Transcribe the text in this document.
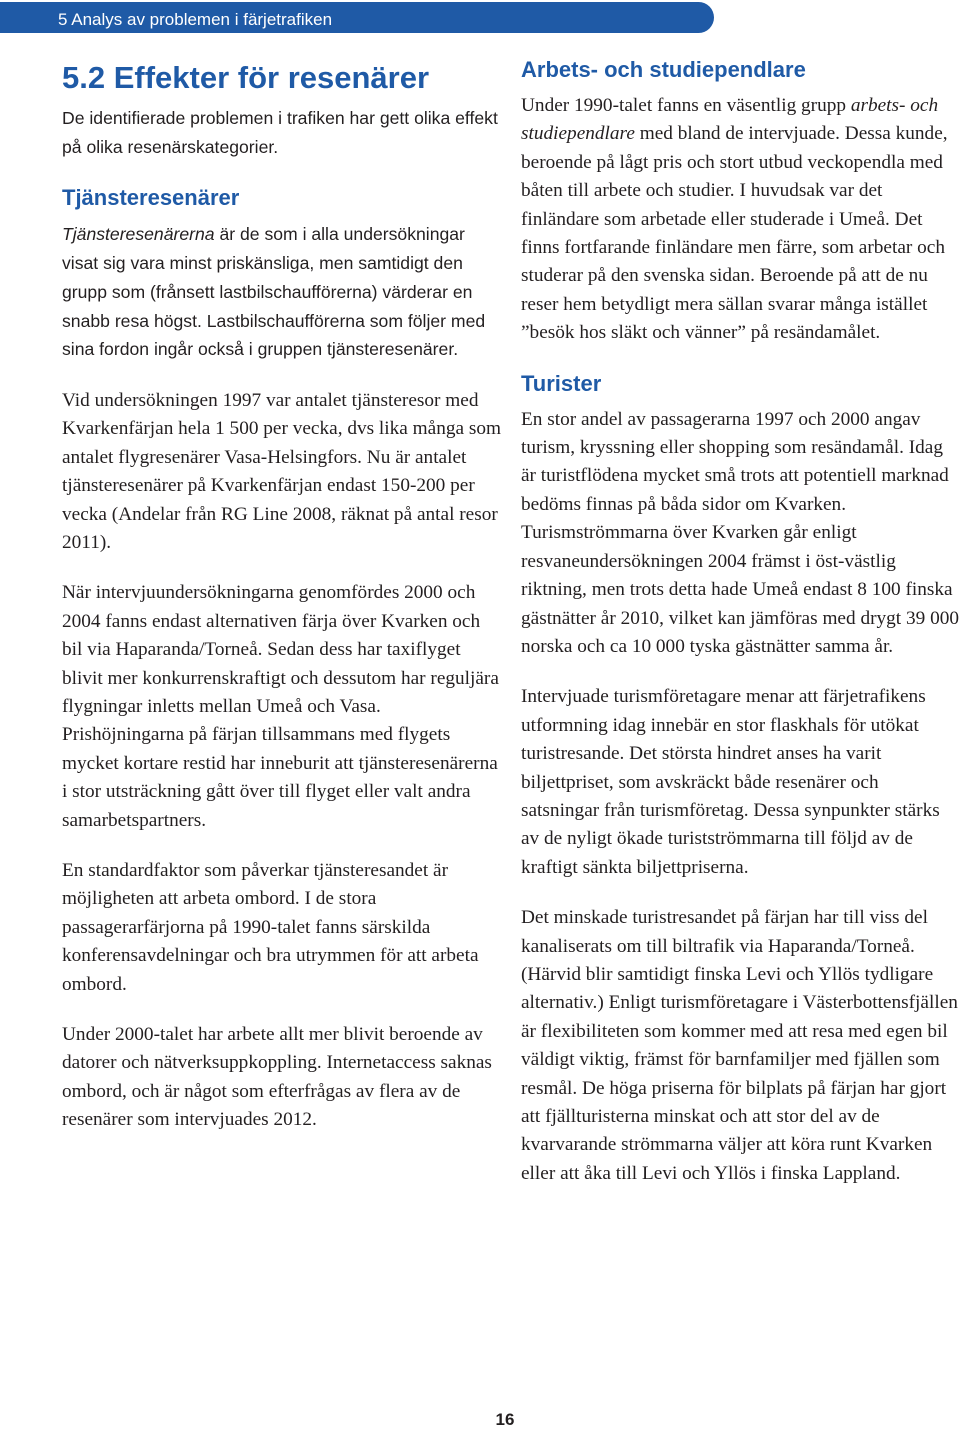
5 Analys av problemen i färjetrafiken
5.2 Effekter för resenärer

De identifierade problemen i trafiken har gett olika effekt på olika resenärskategorier.

Tjänsteresenärer

Tjänsteresenärerna är de som i alla undersökningar visat sig vara minst priskänsliga, men samtidigt den grupp som (frånsett lastbilschaufförerna) värderar en snabb resa högst. Lastbilschaufförerna som följer med sina fordon ingår också i gruppen tjänsteresenärer.

Vid undersökningen 1997 var antalet tjänsteresor med Kvarkenfärjan hela 1 500 per vecka, dvs lika många som antalet flygresenärer Vasa-Helsingfors. Nu är antalet tjänsteresenärer på Kvarkenfärjan endast 150-200 per vecka (Andelar från RG Line 2008, räknat på antal resor 2011).

När intervjuundersökningarna genomfördes 2000 och 2004 fanns endast alternativen färja över Kvarken och bil via Haparanda/Torneå. Sedan dess har taxiflyget blivit mer konkurrenskraftigt och dessutom har reguljära flygningar inletts mellan Umeå och Vasa. Prishöjningarna på färjan tillsammans med flygets mycket kortare restid har inneburit att tjänsteresenärerna i stor utsträckning gått över till flyget eller valt andra samarbetspartners.

En standardfaktor som påverkar tjänsteresandet är möjligheten att arbeta ombord. I de stora passagerarfärjorna på 1990-talet fanns särskilda konferensavdelningar och bra utrymmen för att arbeta ombord.

Under 2000-talet har arbete allt mer blivit beroende av datorer och nätverksuppkoppling. Internetaccess saknas ombord, och är något som efterfrågas av flera av de resenärer som intervjuades 2012.

Arbets- och studiependlare

Under 1990-talet fanns en väsentlig grupp arbets- och studiependlare med bland de intervjuade. Dessa kunde, beroende på lågt pris och stort utbud veckopendla med båten till arbete och studier. I huvudsak var det finländare som arbetade eller studerade i Umeå. Det finns fortfarande finländare men färre, som arbetar och studerar på den svenska sidan. Beroende på att de nu reser hem betydligt mera sällan svarar många istället ”besök hos släkt och vänner” på resändamålet.

Turister

En stor andel av passagerarna 1997 och 2000 angav turism, kryssning eller shopping som resändamål. Idag är turistflödena mycket små trots att potentiell marknad bedöms finnas på båda sidor om Kvarken. Turismströmmarna över Kvarken går enligt resvaneundersökningen 2004 främst i öst-västlig riktning, men trots detta hade Umeå endast 8 100 finska gästnätter år 2010, vilket kan jämföras med drygt 39 000 norska och ca 10 000 tyska gästnätter samma år.

Intervjuade turismföretagare menar att färjetrafikens utformning idag innebär en stor flaskhals för utökat turistresande. Det största hindret anses ha varit biljettpriset, som avskräckt både resenärer och satsningar från turismföretag. Dessa synpunkter stärks av de nyligt ökade turistströmmarna till följd av de kraftigt sänkta biljettpriserna.

Det minskade turistresandet på färjan har till viss del kanaliserats om till biltrafik via Haparanda/Torneå. (Härvid blir samtidigt finska Levi och Yllös tydligare alternativ.) Enligt turismföretagare i Västerbottensfjällen är flexibiliteten som kommer med att resa med egen bil väldigt viktig, främst för barnfamiljer med fjällen som resmål. De höga priserna för bilplats på färjan har gjort att fjällturisterna minskat och att stor del av de kvarvarande strömmarna väljer att köra runt Kvarken eller att åka till Levi och Yllös i finska Lappland.

16
